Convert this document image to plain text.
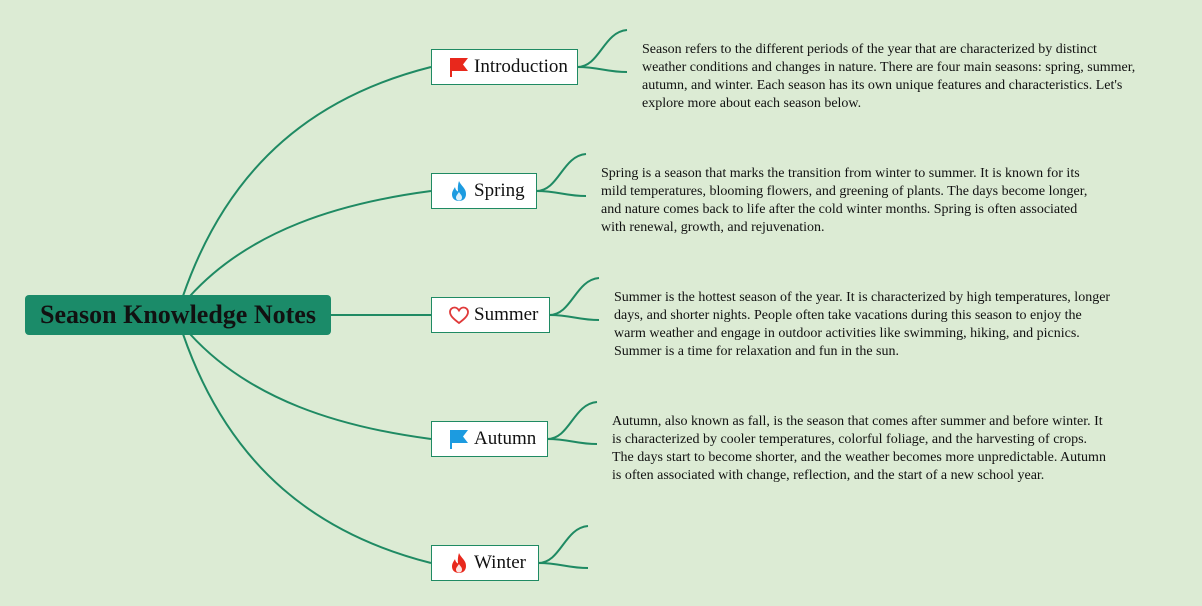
Season Knowledge Notes
Introduction
Season refers to the different periods of the year that are characterized by distinct weather conditions and changes in nature. There are four main seasons: spring, summer, autumn, and winter. Each season has its own unique features and characteristics. Let's explore more about each season below.
Spring
Spring is a season that marks the transition from winter to summer. It is known for its mild temperatures, blooming flowers, and greening of plants. The days become longer, and nature comes back to life after the cold winter months. Spring is often associated with renewal, growth, and rejuvenation.
Summer
Summer is the hottest season of the year. It is characterized by high temperatures, longer days, and shorter nights. People often take vacations during this season to enjoy the warm weather and engage in outdoor activities like swimming, hiking, and picnics. Summer is a time for relaxation and fun in the sun.
Autumn
Autumn, also known as fall, is the season that comes after summer and before winter. It is characterized by cooler temperatures, colorful foliage, and the harvesting of crops. The days start to become shorter, and the weather becomes more unpredictable. Autumn is often associated with change, reflection, and the start of a new school year.
Winter
